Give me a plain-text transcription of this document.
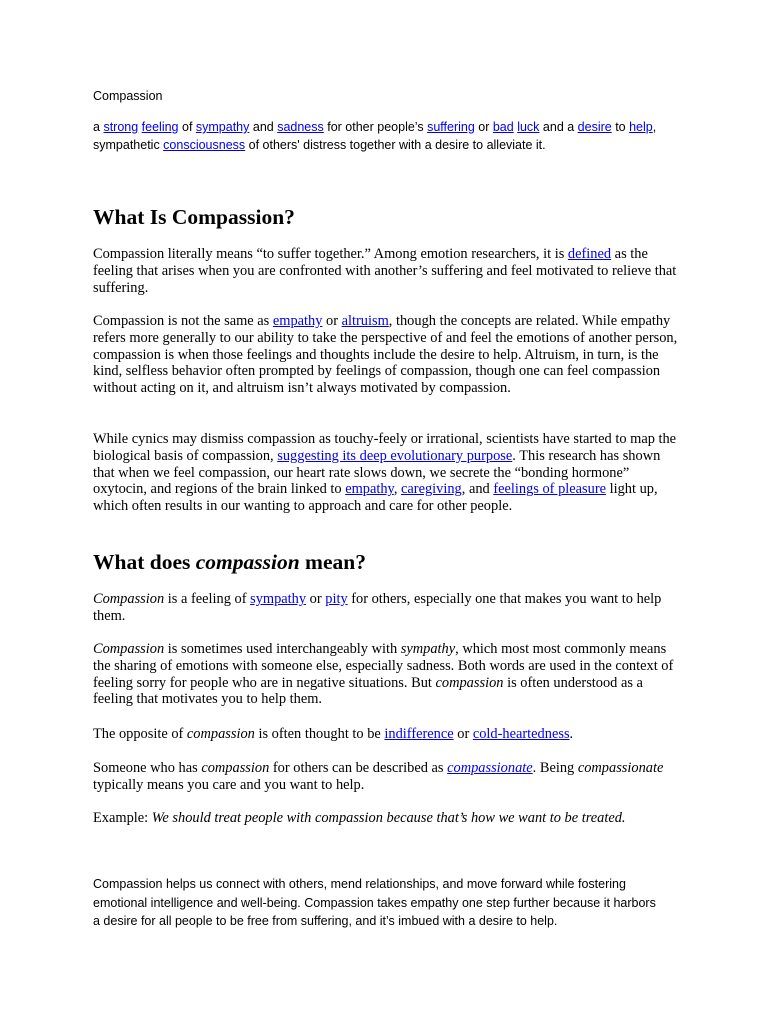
Compassion

a strong feeling of sympathy and sadness for other people’s suffering or bad luck and a desire to help, sympathetic consciousness of others' distress together with a desire to alleviate it.

What Is Compassion?

Compassion literally means “to suffer together.” Among emotion researchers, it is defined as the feeling that arises when you are confronted with another’s suffering and feel motivated to relieve that suffering.

Compassion is not the same as empathy or altruism, though the concepts are related. While empathy refers more generally to our ability to take the perspective of and feel the emotions of another person, compassion is when those feelings and thoughts include the desire to help. Altruism, in turn, is the kind, selfless behavior often prompted by feelings of compassion, though one can feel compassion without acting on it, and altruism isn’t always motivated by compassion.

While cynics may dismiss compassion as touchy-feely or irrational, scientists have started to map the biological basis of compassion, suggesting its deep evolutionary purpose. This research has shown that when we feel compassion, our heart rate slows down, we secrete the “bonding hormone” oxytocin, and regions of the brain linked to empathy, caregiving, and feelings of pleasure light up, which often results in our wanting to approach and care for other people.

What does compassion mean?

Compassion is a feeling of sympathy or pity for others, especially one that makes you want to help them.

Compassion is sometimes used interchangeably with sympathy, which most most commonly means the sharing of emotions with someone else, especially sadness. Both words are used in the context of feeling sorry for people who are in negative situations. But compassion is often understood as a feeling that motivates you to help them.

The opposite of compassion is often thought to be indifference or cold-heartedness.

Someone who has compassion for others can be described as compassionate. Being compassionate typically means you care and you want to help.

Example: We should treat people with compassion because that’s how we want to be treated.

Compassion helps us connect with others, mend relationships, and move forward while fostering emotional intelligence and well-being. Compassion takes empathy one step further because it harbors a desire for all people to be free from suffering, and it’s imbued with a desire to help.
